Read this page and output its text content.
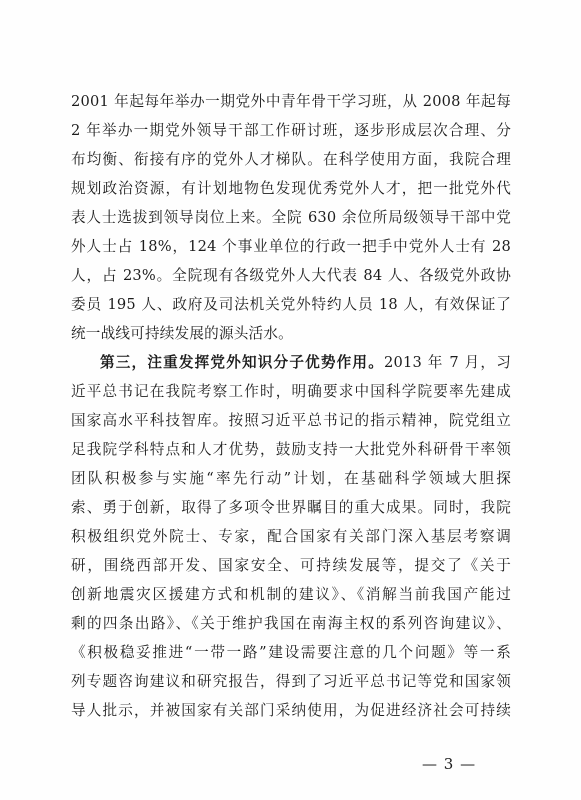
2001 年起每年举办一期党外中青年骨干学习班，从 2008 年起每
2 年举办一期党外领导干部工作研讨班，逐步形成层次合理、分
布均衡、衔接有序的党外人才梯队。在科学使用方面，我院合理
规划政治资源，有计划地物色发现优秀党外人才，把一批党外代
表人士选拔到领导岗位上来。全院 630 余位所局级领导干部中党
外人士占 18%，124 个事业单位的行政一把手中党外人士有 28
人，占 23%。全院现有各级党外人大代表 84 人、各级党外政协
委员 195 人、政府及司法机关党外特约人员 18 人，有效保证了
统一战线可持续发展的源头活水。
第三，注重发挥党外知识分子优势作用。2013 年 7 月，习
近平总书记在我院考察工作时，明确要求中国科学院要率先建成
国家高水平科技智库。按照习近平总书记的指示精神，院党组立
足我院学科特点和人才优势，鼓励支持一大批党外科研骨干率领
团队积极参与实施“率先行动”计划，在基础科学领域大胆探
索、勇于创新，取得了多项令世界瞩目的重大成果。同时，我院
积极组织党外院士、专家，配合国家有关部门深入基层考察调
研，围绕西部开发、国家安全、可持续发展等，提交了《关于
创新地震灾区援建方式和机制的建议》、《消解当前我国产能过
剩的四条出路》、《关于维护我国在南海主权的系列咨询建议》、
《积极稳妥推进“一带一路”建设需要注意的几个问题》等一系
列专题咨询建议和研究报告，得到了习近平总书记等党和国家领
导人批示，并被国家有关部门采纳使用，为促进经济社会可持续
— 3 —
